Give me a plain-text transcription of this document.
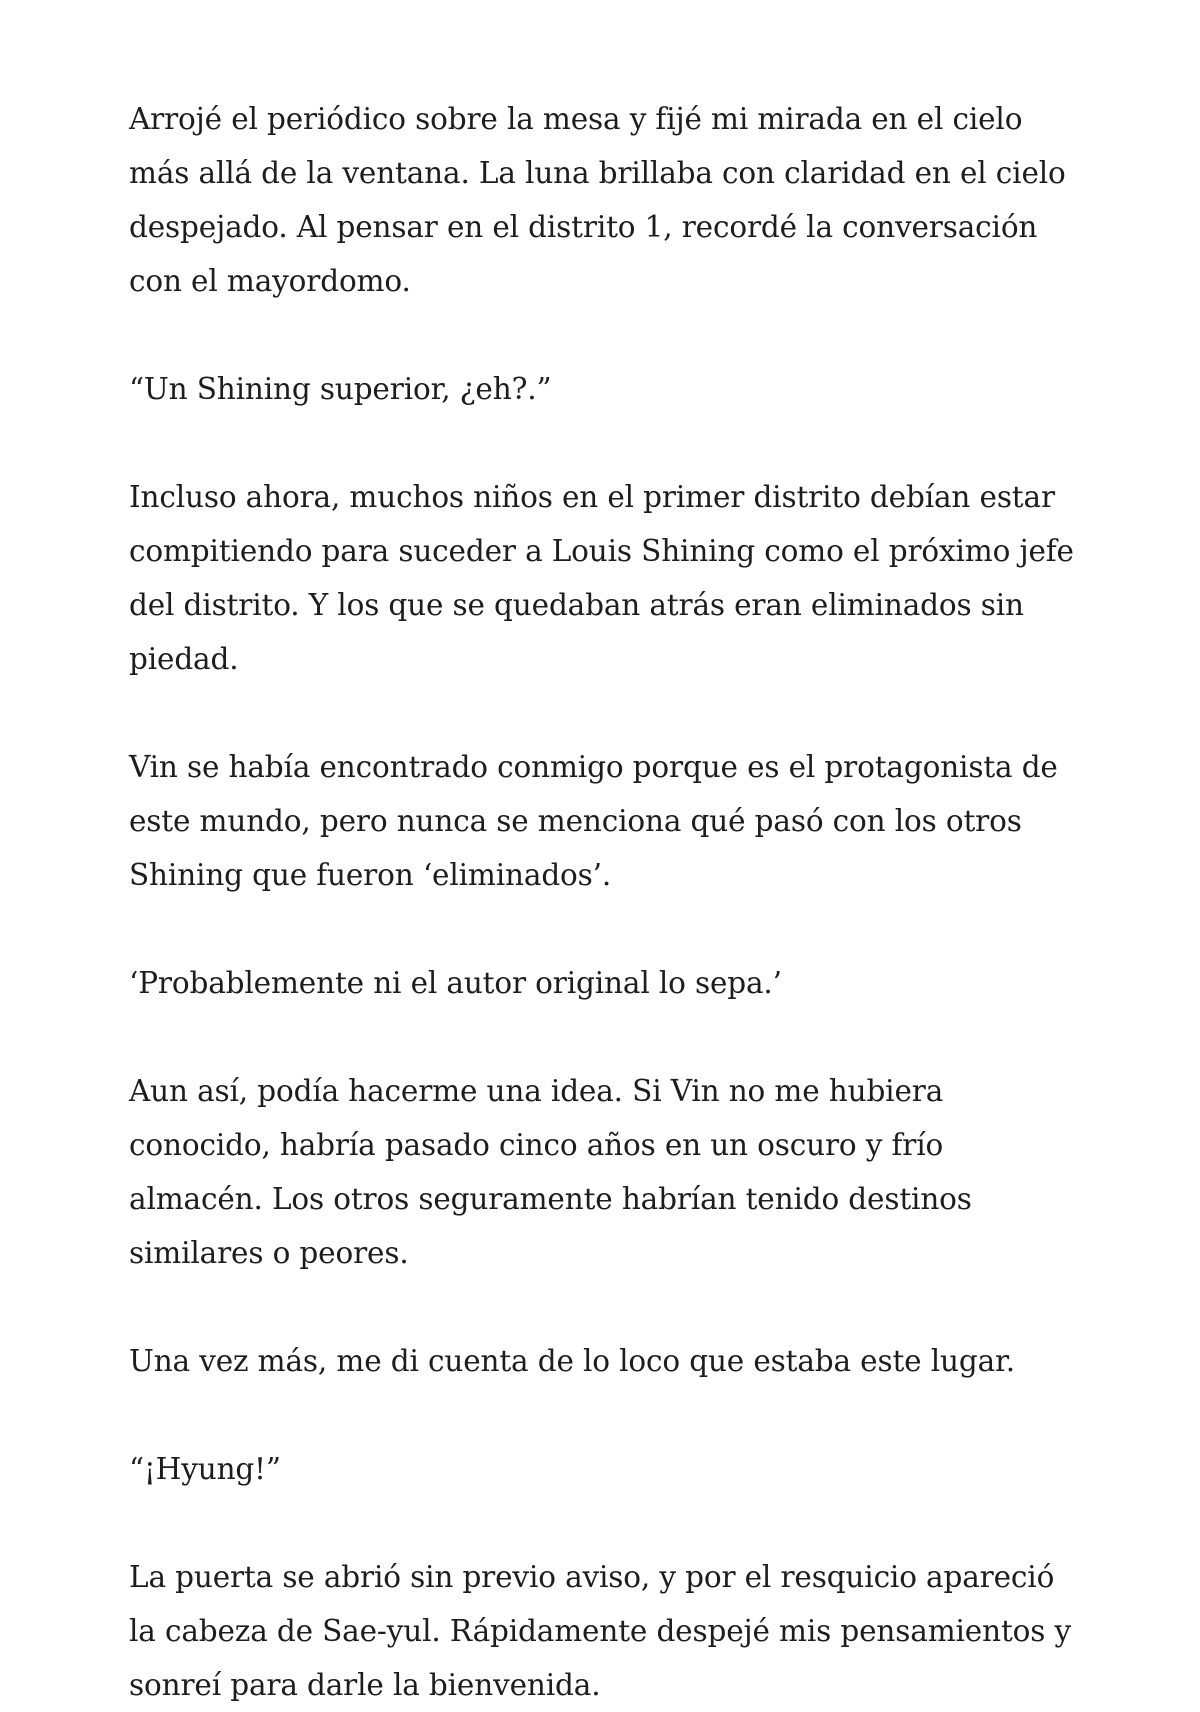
Arrojé el periódico sobre la mesa y fijé mi mirada en el cielo más allá de la ventana. La luna brillaba con claridad en el cielo despejado. Al pensar en el distrito 1, recordé la conversación con el mayordomo.

“Un Shining superior, ¿eh?.”

Incluso ahora, muchos niños en el primer distrito debían estar compitiendo para suceder a Louis Shining como el próximo jefe del distrito. Y los que se quedaban atrás eran eliminados sin piedad.

Vin se había encontrado conmigo porque es el protagonista de este mundo, pero nunca se menciona qué pasó con los otros Shining que fueron ‘eliminados’.

‘Probablemente ni el autor original lo sepa.’

Aun así, podía hacerme una idea. Si Vin no me hubiera conocido, habría pasado cinco años en un oscuro y frío almacén. Los otros seguramente habrían tenido destinos similares o peores.

Una vez más, me di cuenta de lo loco que estaba este lugar.

“¡Hyung!”

La puerta se abrió sin previo aviso, y por el resquicio apareció la cabeza de Sae-yul. Rápidamente despejé mis pensamientos y sonreí para darle la bienvenida.
